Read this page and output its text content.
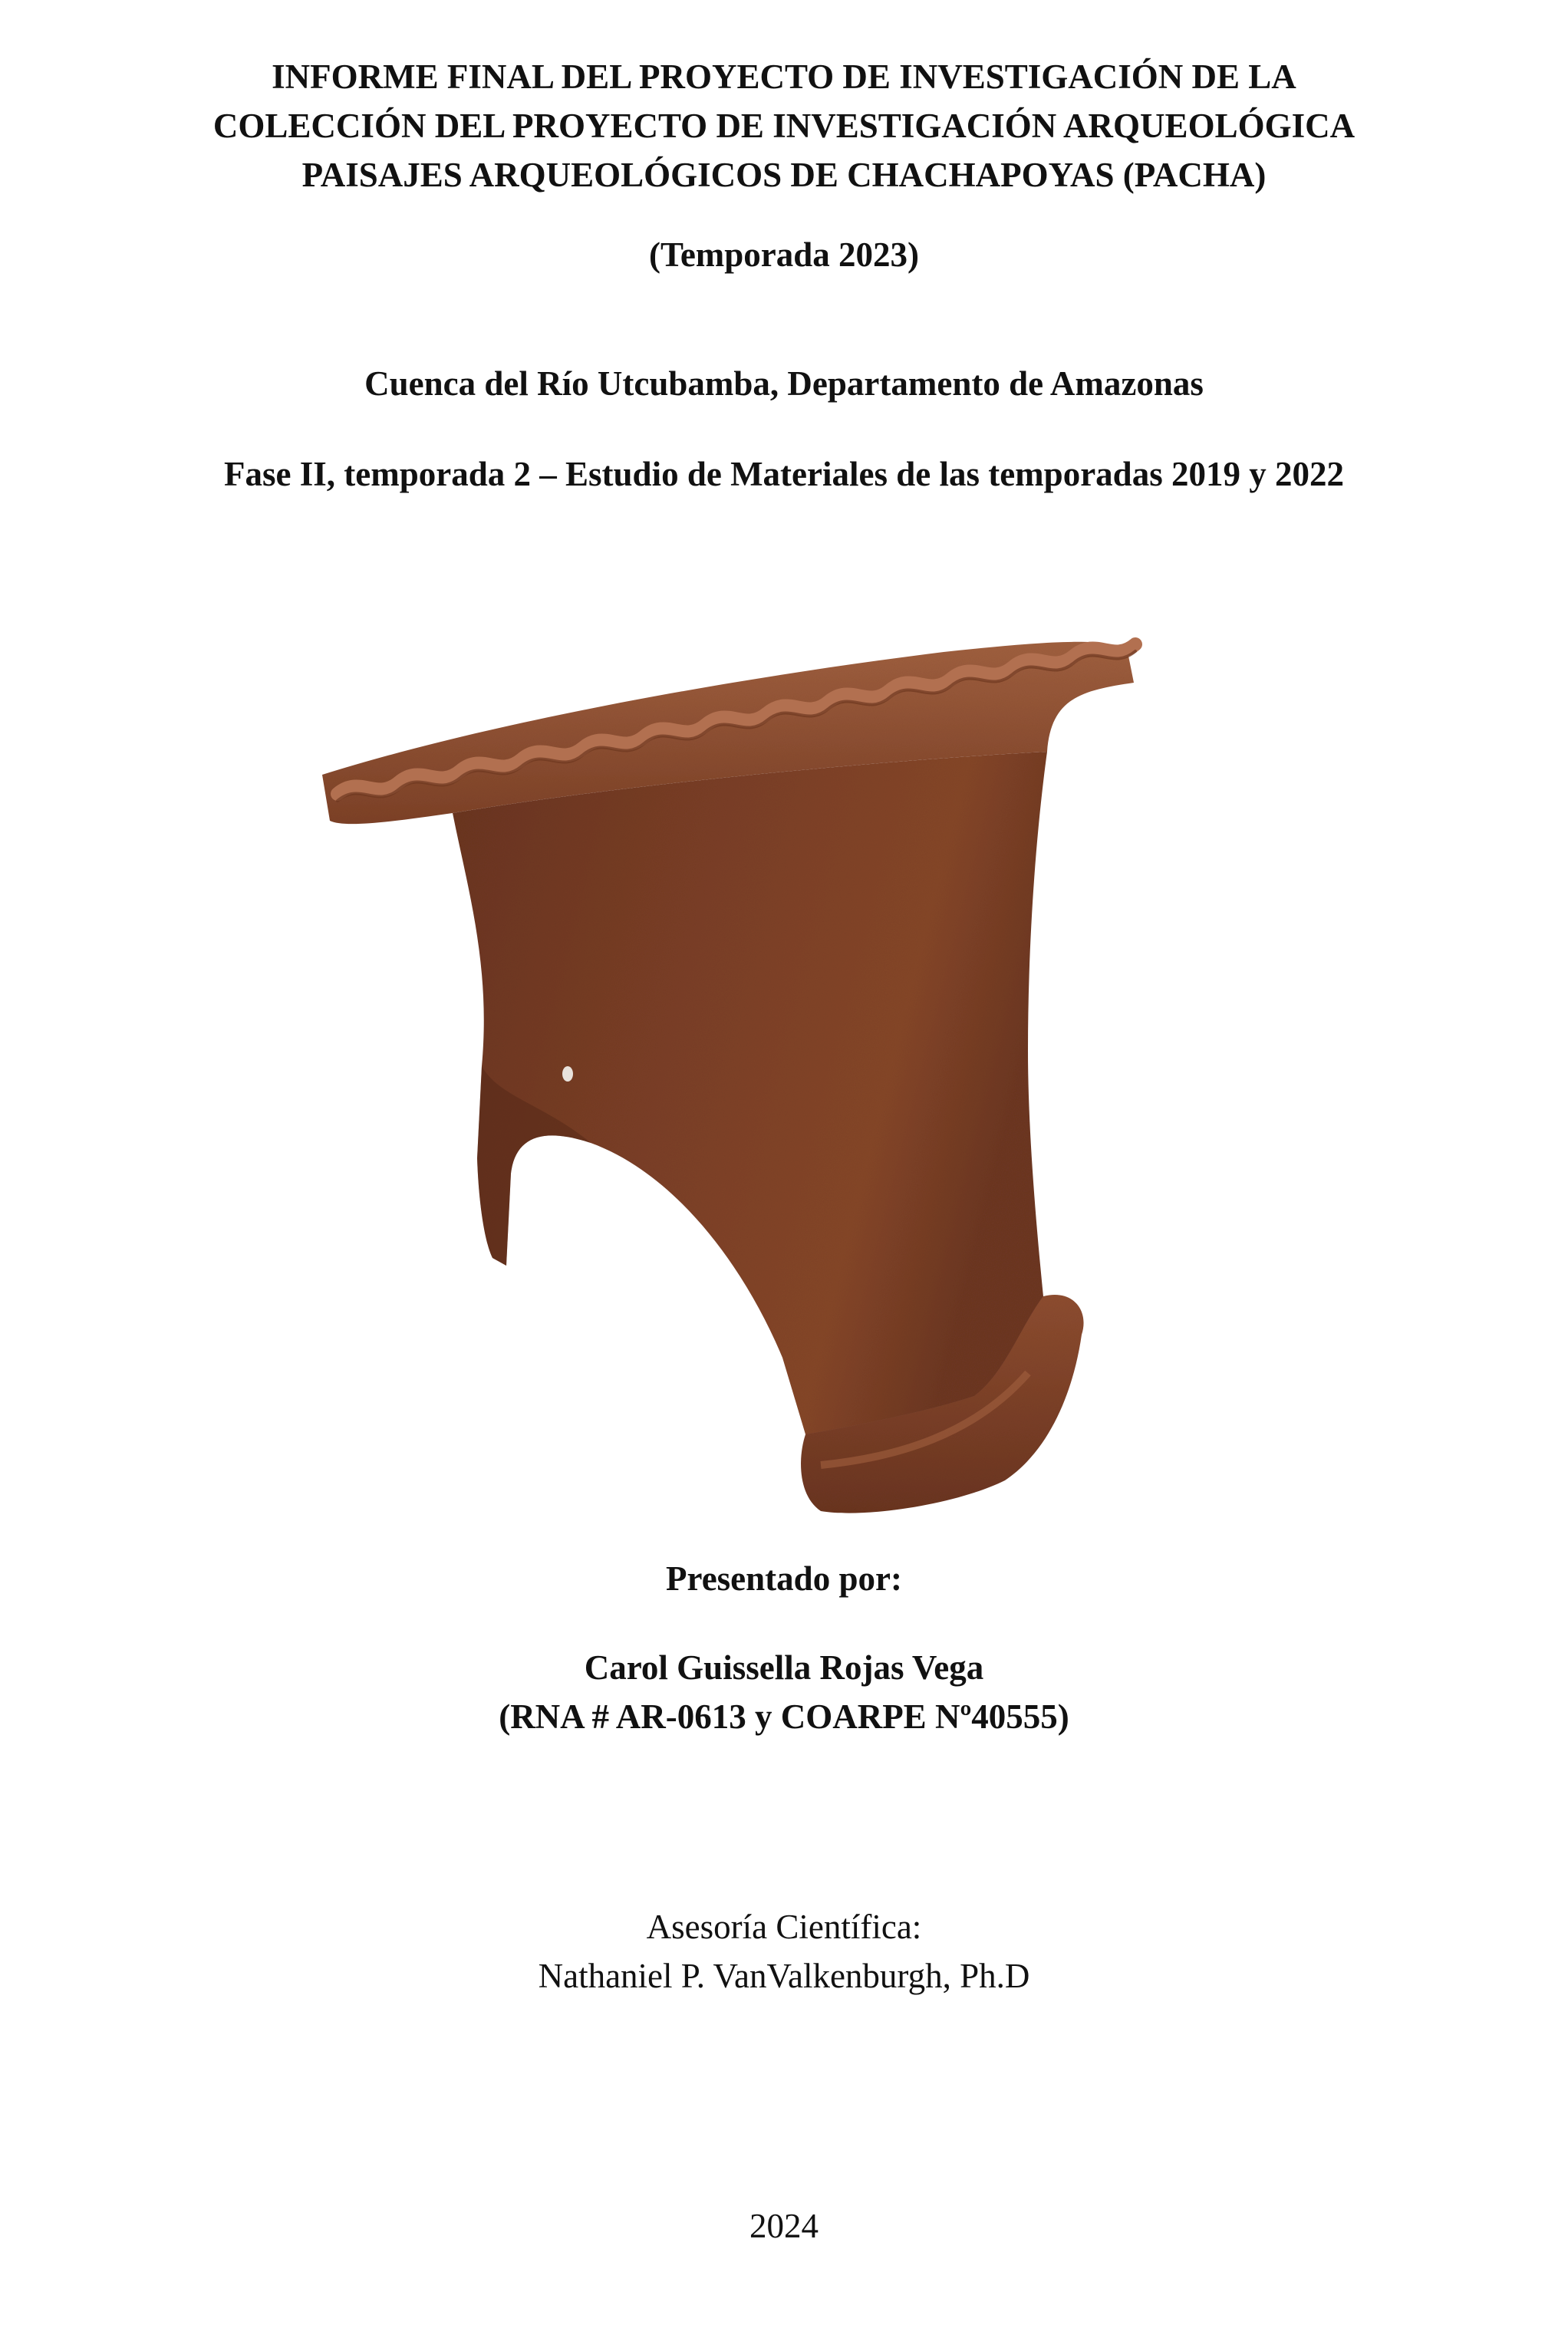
INFORME FINAL DEL PROYECTO DE INVESTIGACIÓN DE LA
COLECCIÓN DEL PROYECTO DE INVESTIGACIÓN ARQUEOLÓGICA
PAISAJES ARQUEOLÓGICOS DE CHACHAPOYAS (PACHA)
(Temporada 2023)
Cuenca del Río Utcubamba, Departamento de Amazonas
Fase II, temporada 2 – Estudio de Materiales de las temporadas 2019 y 2022
Presentado por:
Carol Guissella Rojas Vega
(RNA # AR-0613 y COARPE Nº40555)
Asesoría Científica:
Nathaniel P. VanValkenburgh, Ph.D
2024
